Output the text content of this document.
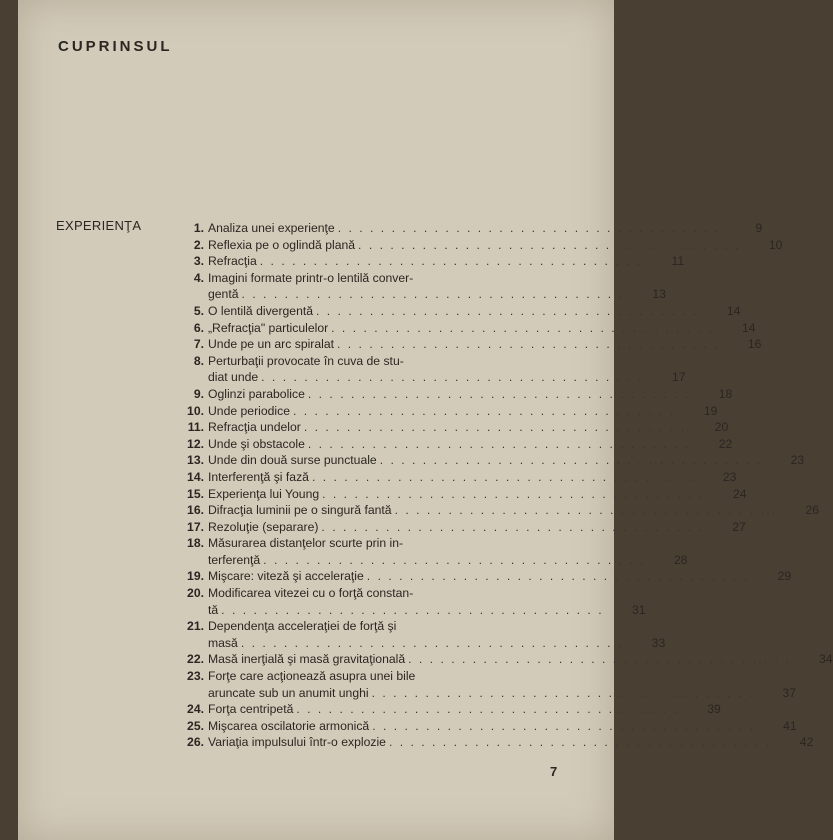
CUPRINSUL
EXPERIENŢA	1. Analiza unei experienţe . . . . . . . . . . . . . . . . . . . . . . . . . . . . . . . . . . . .	9
2. Reflexia pe o oglindă plană . . . . . . . . . . . . . . . . . . . . . . . . . . . . . . . . . . . .	10
3. Refracţia . . . . . . . . . . . . . . . . . . . . . . . . . . . . . . . . . . . .	11
4. Imagini formate printr-o lentilă conver-
gentă . . . . . . . . . . . . . . . . . . . . . . . . . . . . . . . . . . . .	13
5. O lentilă divergentă . . . . . . . . . . . . . . . . . . . . . . . . . . . . . . . . . . . .	14
6. „Refracţia" particulelor . . . . . . . . . . . . . . . . . . . . . . . . . . . . . . . . . . . .	14
7. Unde pe un arc spiralat . . . . . . . . . . . . . . . . . . . . . . . . . . . . . . . . . . . .	16
8. Perturbaţii provocate în cuva de stu-
diat unde . . . . . . . . . . . . . . . . . . . . . . . . . . . . . . . . . . . .	17
9. Oglinzi parabolice . . . . . . . . . . . . . . . . . . . . . . . . . . . . . . . . . . . .	18
10. Unde periodice . . . . . . . . . . . . . . . . . . . . . . . . . . . . . . . . . . . .	19
11. Refracţia undelor . . . . . . . . . . . . . . . . . . . . . . . . . . . . . . . . . . . .	20
12. Unde şi obstacole . . . . . . . . . . . . . . . . . . . . . . . . . . . . . . . . . . . .	22
13. Unde din două surse punctuale . . . . . . . . . . . . . . . . . . . . . . . . . . . . . . . . . . . .	23
14. Interferenţă şi fază . . . . . . . . . . . . . . . . . . . . . . . . . . . . . . . . . . . .	23
15. Experienţa lui Young . . . . . . . . . . . . . . . . . . . . . . . . . . . . . . . . . . . .	24
16. Difracţia luminii pe o singură fantă . . . . . . . . . . . . . . . . . . . . . . . . . . . . . . . . . . . .	26
17. Rezoluţie (separare) . . . . . . . . . . . . . . . . . . . . . . . . . . . . . . . . . . . .	27
18. Măsurarea distanţelor scurte prin in-
terferenţă . . . . . . . . . . . . . . . . . . . . . . . . . . . . . . . . . . . .	28
19. Mişcare: viteză şi acceleraţie . . . . . . . . . . . . . . . . . . . . . . . . . . . . . . . . . . . .	29
20. Modificarea vitezei cu o forţă constan-
tă . . . . . . . . . . . . . . . . . . . . . . . . . . . . . . . . . . . .	31
21. Dependenţa acceleraţiei de forţă şi
masă . . . . . . . . . . . . . . . . . . . . . . . . . . . . . . . . . . . .	33
22. Masă inerţială şi masă gravitaţională . . . . . . . . . . . . . . . . . . . . . . . . . . . . . . . . . . . .	34
23. Forţe care acţionează asupra unei bile
aruncate sub un anumit unghi . . . . . . . . . . . . . . . . . . . . . . . . . . . . . . . . . . . .	37
24. Forţa centripetă . . . . . . . . . . . . . . . . . . . . . . . . . . . . . . . . . . . .	39
25. Mişcarea oscilatorie armonică . . . . . . . . . . . . . . . . . . . . . . . . . . . . . . . . . . . .	41
26. Variaţia impulsului într-o explozie . . . . . . . . . . . . . . . . . . . . . . . . . . . . . . . . . . . .	42
7
